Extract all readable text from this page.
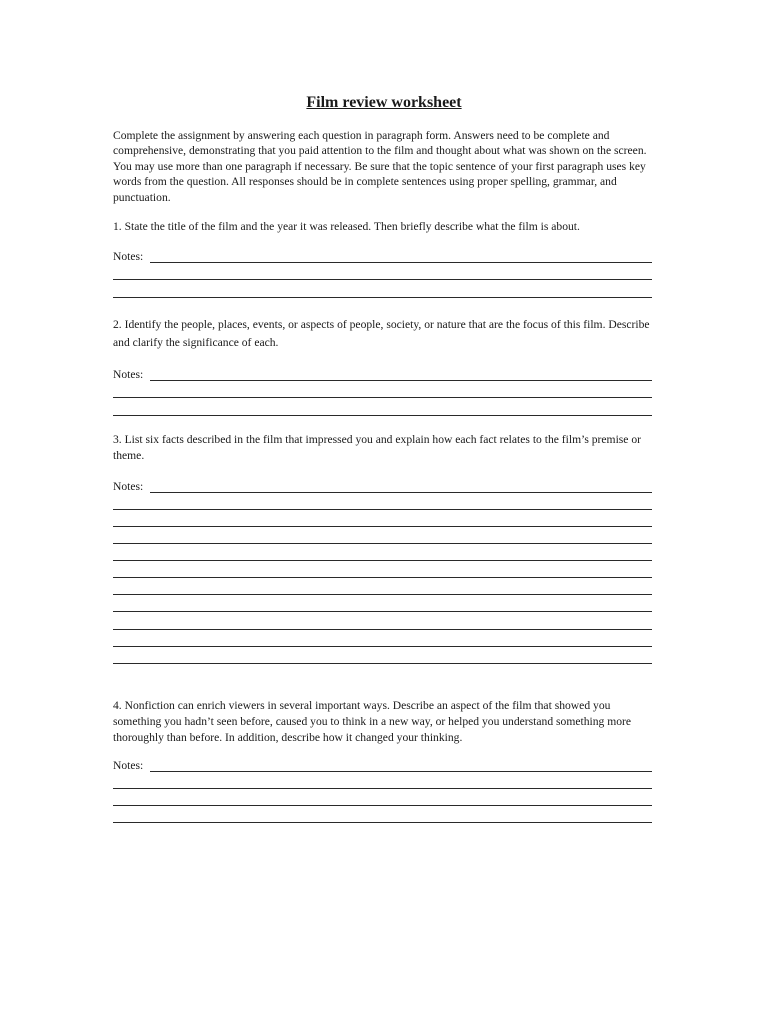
Film review worksheet
Complete the assignment by answering each question in paragraph form. Answers need to be complete and comprehensive, demonstrating that you paid attention to the film and thought about what was shown on the screen. You may use more than one paragraph if necessary. Be sure that the topic sentence of your first paragraph uses key words from the question. All responses should be in complete sentences using proper spelling, grammar, and punctuation.
1. State the title of the film and the year it was released. Then briefly describe what the film is about.
Notes:
2. Identify the people, places, events, or aspects of people, society, or nature that are the focus of this film. Describe and clarify the significance of each.
Notes:
3. List six facts described in the film that impressed you and explain how each fact relates to the film’s premise or theme.
Notes:
4. Nonfiction can enrich viewers in several important ways. Describe an aspect of the film that showed you something you hadn’t seen before, caused you to think in a new way, or helped you understand something more thoroughly than before. In addition, describe how it changed your thinking.
Notes:
